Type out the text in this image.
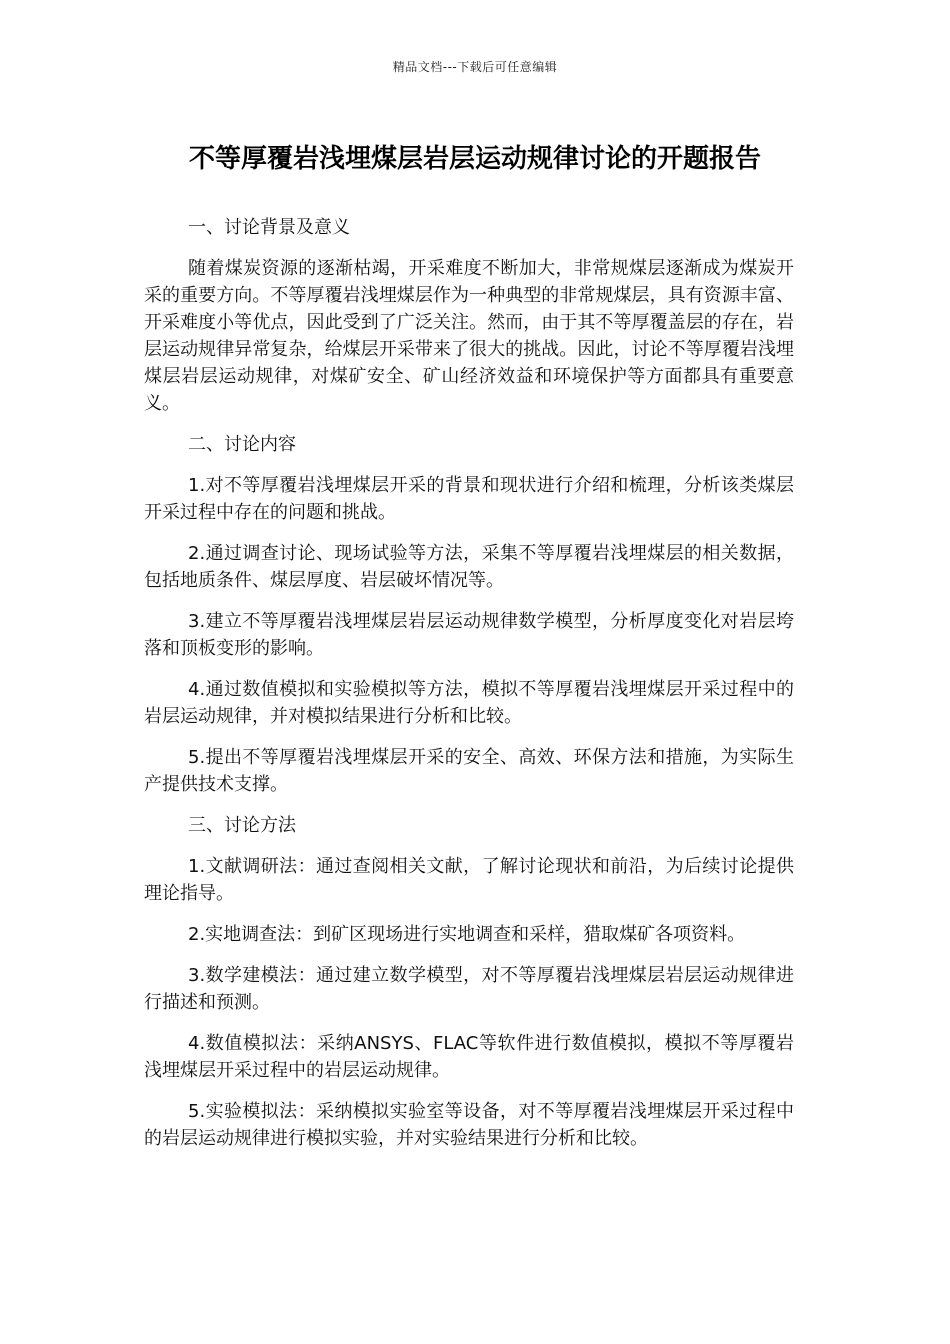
精品文档---下载后可任意编辑
不等厚覆岩浅埋煤层岩层运动规律讨论的开题报告

一、讨论背景及意义

随着煤炭资源的逐渐枯竭，开采难度不断加大，非常规煤层逐渐成为煤炭开采的重要方向。不等厚覆岩浅埋煤层作为一种典型的非常规煤层，具有资源丰富、开采难度小等优点，因此受到了广泛关注。然而，由于其不等厚覆盖层的存在，岩层运动规律异常复杂，给煤层开采带来了很大的挑战。因此，讨论不等厚覆岩浅埋煤层岩层运动规律，对煤矿安全、矿山经济效益和环境保护等方面都具有重要意义。

二、讨论内容

1.对不等厚覆岩浅埋煤层开采的背景和现状进行介绍和梳理，分析该类煤层开采过程中存在的问题和挑战。

2.通过调查讨论、现场试验等方法，采集不等厚覆岩浅埋煤层的相关数据，包括地质条件、煤层厚度、岩层破坏情况等。

3.建立不等厚覆岩浅埋煤层岩层运动规律数学模型，分析厚度变化对岩层垮落和顶板变形的影响。

4.通过数值模拟和实验模拟等方法，模拟不等厚覆岩浅埋煤层开采过程中的岩层运动规律，并对模拟结果进行分析和比较。

5.提出不等厚覆岩浅埋煤层开采的安全、高效、环保方法和措施，为实际生产提供技术支撑。

三、讨论方法

1.文献调研法：通过查阅相关文献，了解讨论现状和前沿，为后续讨论提供理论指导。

2.实地调查法：到矿区现场进行实地调查和采样，猎取煤矿各项资料。

3.数学建模法：通过建立数学模型，对不等厚覆岩浅埋煤层岩层运动规律进行描述和预测。

4.数值模拟法：采纳ANSYS、FLAC等软件进行数值模拟，模拟不等厚覆岩浅埋煤层开采过程中的岩层运动规律。

5.实验模拟法：采纳模拟实验室等设备，对不等厚覆岩浅埋煤层开采过程中的岩层运动规律进行模拟实验，并对实验结果进行分析和比较。
